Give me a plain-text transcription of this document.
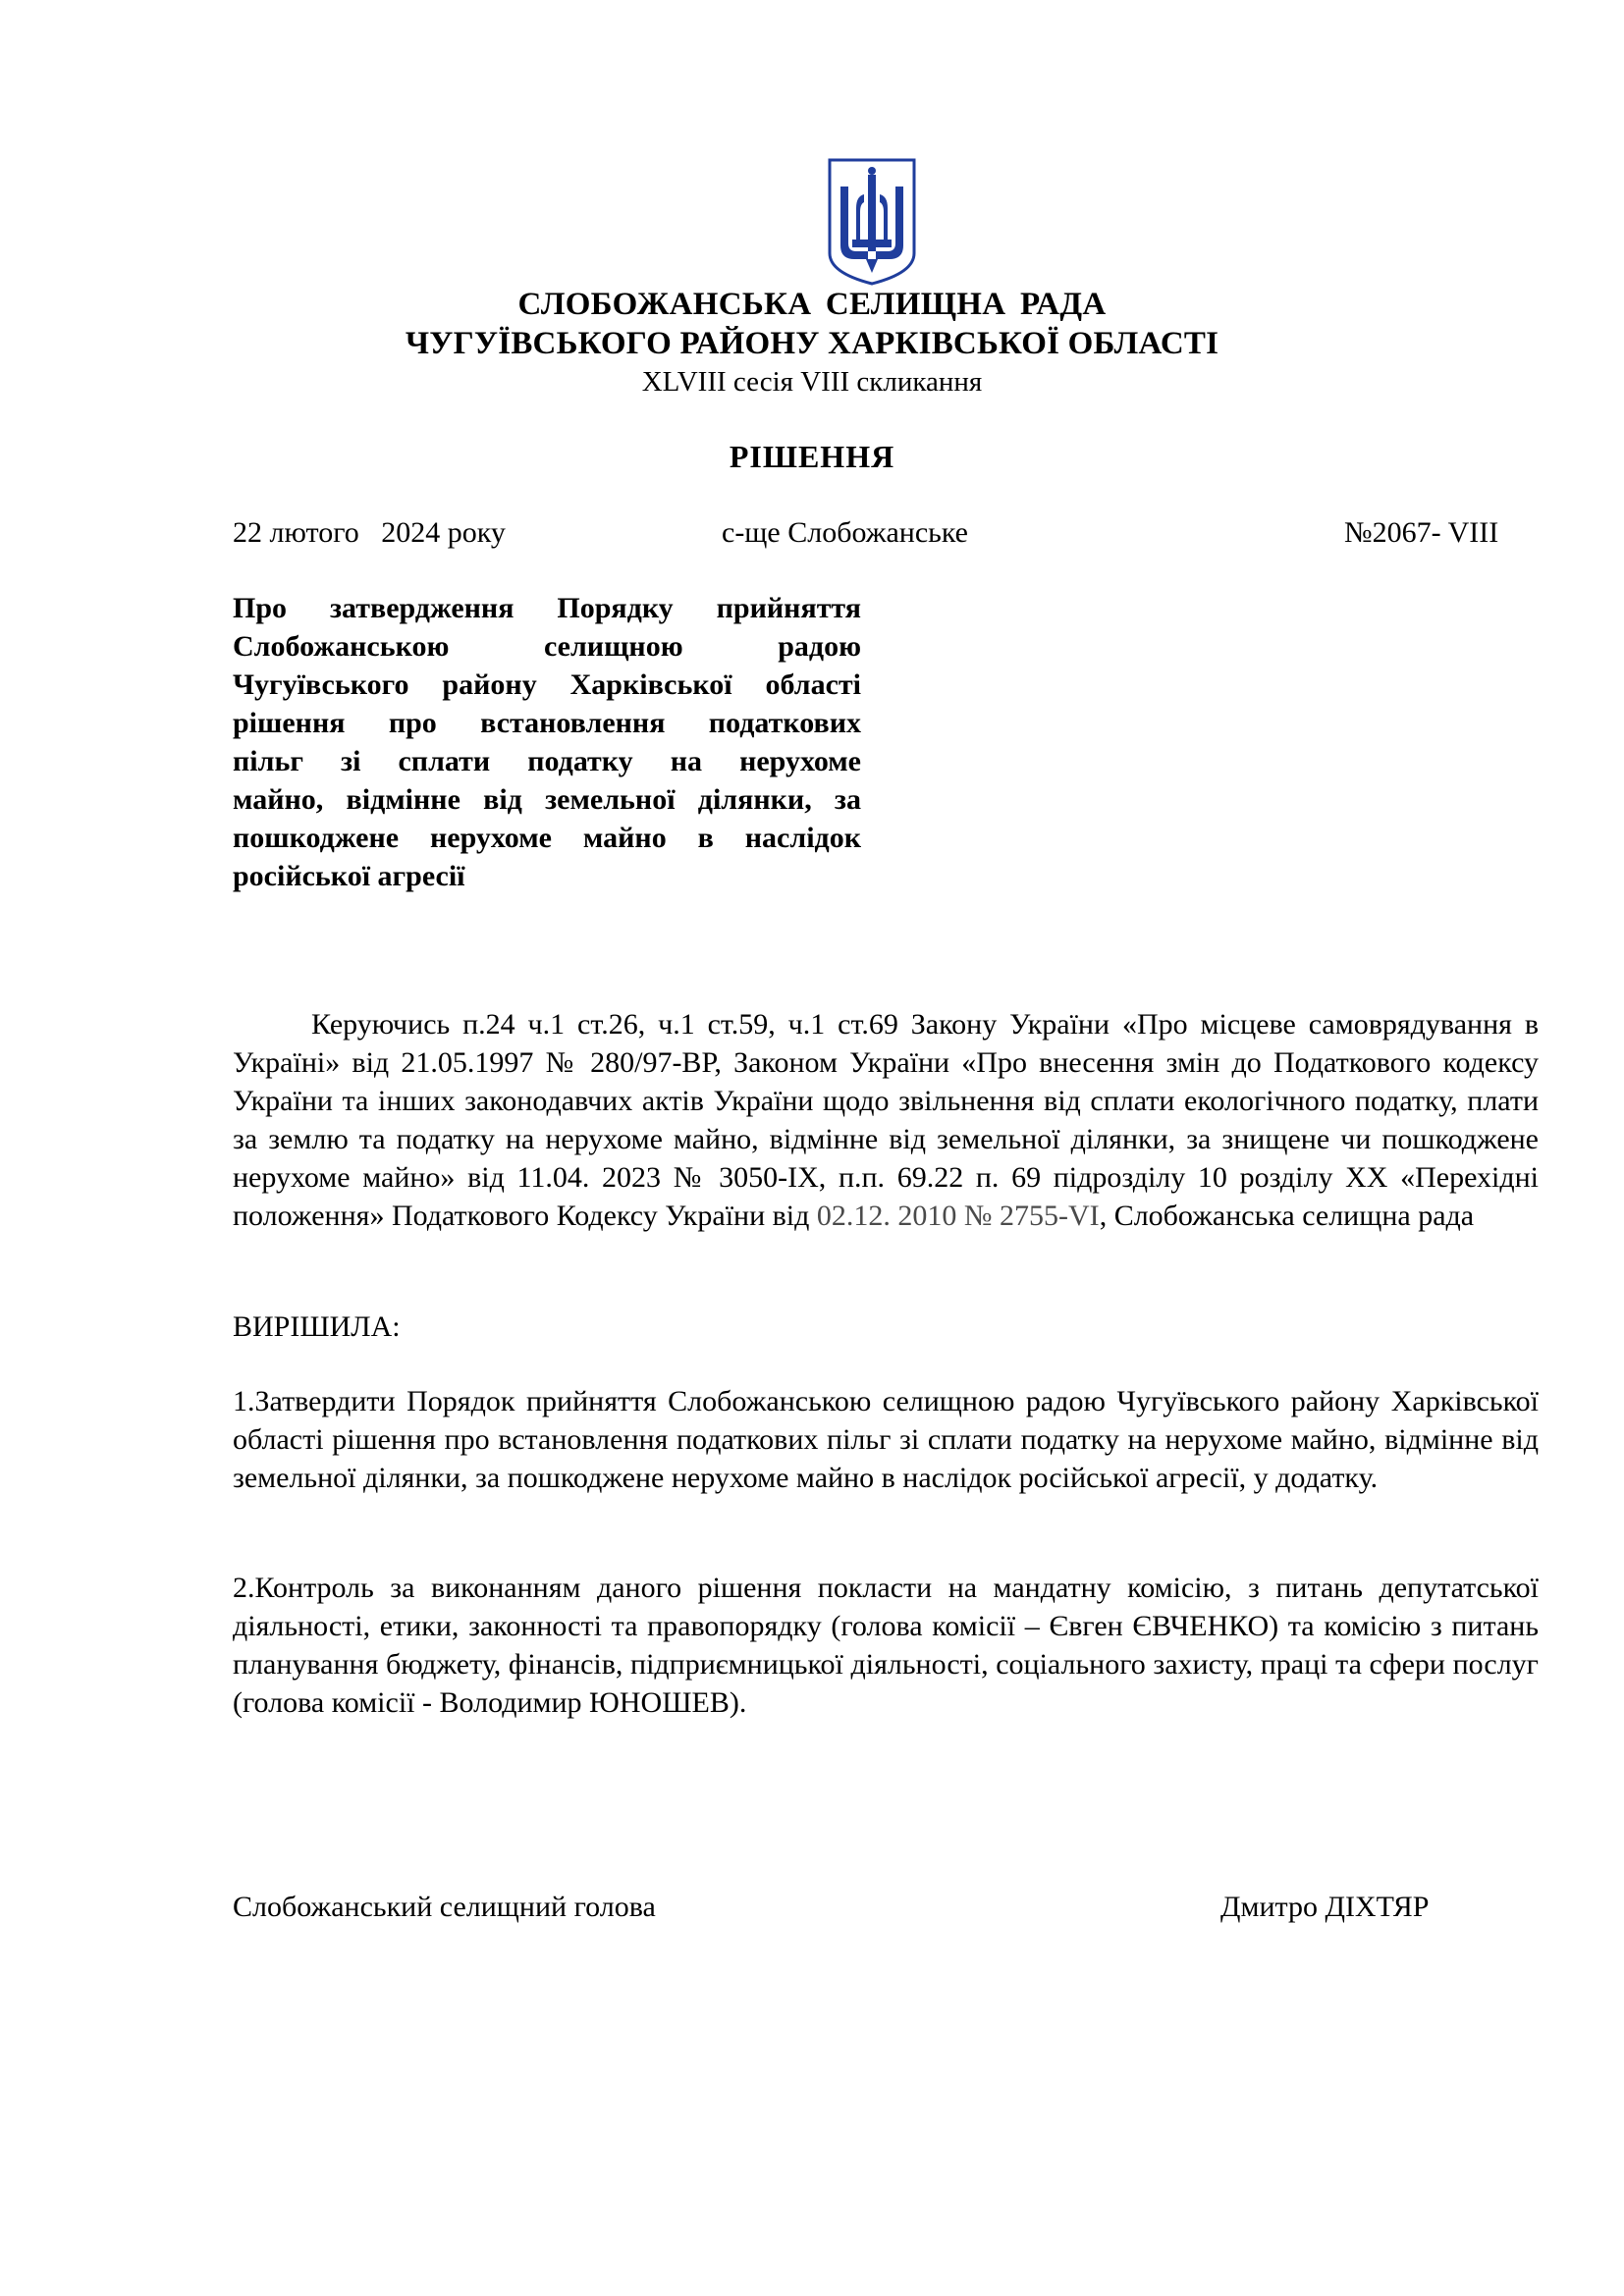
СЛОБОЖАНСЬКА СЕЛИЩНА РАДА
ЧУГУЇВСЬКОГО РАЙОНУ ХАРКІВСЬКОЇ ОБЛАСТІ
XLVIII сесія VIII скликання
РІШЕННЯ
22 лютого   2024 року	с-ще Слобожанське	№2067- VIII
Про затвердження Порядку прийняття
Слобожанською селищною радою
Чугуївського району Харківської області
рішення про встановлення податкових
пільг зі сплати податку на нерухоме
майно, відмінне від земельної ділянки, за
пошкоджене нерухоме майно в наслідок
російської агресії

Керуючись п.24 ч.1 ст.26, ч.1 ст.59, ч.1 ст.69 Закону України «Про місцеве самоврядування в Україні» від 21.05.1997 № 280/97-ВР, Законом України «Про внесення змін до Податкового кодексу України та інших законодавчих актів України щодо звільнення від сплати екологічного податку, плати за землю та податку на нерухоме майно, відмінне від земельної ділянки, за знищене чи пошкоджене нерухоме майно» від 11.04. 2023 № 3050-IX, п.п. 69.22 п. 69 підрозділу 10 розділу XX «Перехідні положення» Податкового Кодексу України від 02.12. 2010 № 2755-VI, Слобожанська селищна рада

ВИРІШИЛА:

1.Затвердити Порядок прийняття Слобожанською селищною радою Чугуївського району Харківської області рішення про встановлення податкових пільг зі сплати податку на нерухоме майно, відмінне від земельної ділянки, за пошкоджене нерухоме майно в наслідок російської агресії, у додатку.

2.Контроль за виконанням даного рішення покласти на мандатну комісію, з питань депутатської діяльності, етики, законності та правопорядку (голова комісії – Євген ЄВЧЕНКО) та комісію з питань планування бюджету, фінансів, підприємницької діяльності, соціального захисту, праці та сфери послуг (голова комісії - Володимир ЮНОШЕВ).

Слобожанський селищний голова	Дмитро ДІХТЯР
